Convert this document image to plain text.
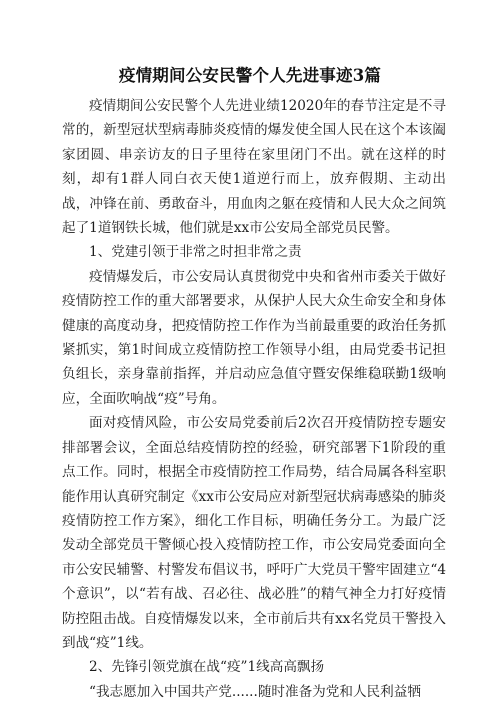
疫情期间公安民警个人先进事迹3篇

疫情期间公安民警个人先进业绩12020年的春节注定是不寻常的，新型冠状型病毒肺炎疫情的爆发使全国人民在这个本该阖家团圆、串亲访友的日子里待在家里闭门不出。就在这样的时刻，却有1群人同白衣天使1道逆行而上，放弃假期、主动出战，冲锋在前、勇敢奋斗，用血肉之躯在疫情和人民大众之间筑起了1道钢铁长城，他们就是xx市公安局全部党员民警。

1、党建引领于非常之时担非常之责

疫情爆发后，市公安局认真贯彻党中央和省州市委关于做好疫情防控工作的重大部署要求，从保护人民大众生命安全和身体健康的高度动身，把疫情防控工作作为当前最重要的政治任务抓紧抓实，第1时间成立疫情防控工作领导小组，由局党委书记担负组长，亲身靠前指挥，并启动应急值守暨安保维稳联勤1级响应，全面吹响战“疫”号角。

面对疫情风险，市公安局党委前后2次召开疫情防控专题安排部署会议，全面总结疫情防控的经验，研究部署下1阶段的重点工作。同时，根据全市疫情防控工作局势，结合局属各科室职能作用认真研究制定《xx市公安局应对新型冠状病毒感染的肺炎疫情防控工作方案》，细化工作目标，明确任务分工。为最广泛发动全部党员干警倾心投入疫情防控工作，市公安局党委面向全市公安民辅警、村警发布倡议书，呼吁广大党员干警牢固建立“4个意识”，以“若有战、召必往、战必胜”的精气神全力打好疫情防控阻击战。自疫情爆发以来，全市前后共有xx名党员干警投入到战“疫”1线。

2、先锋引领党旗在战“疫”1线高高飘扬

“我志愿加入中国共产党......随时准备为党和人民利益牺
